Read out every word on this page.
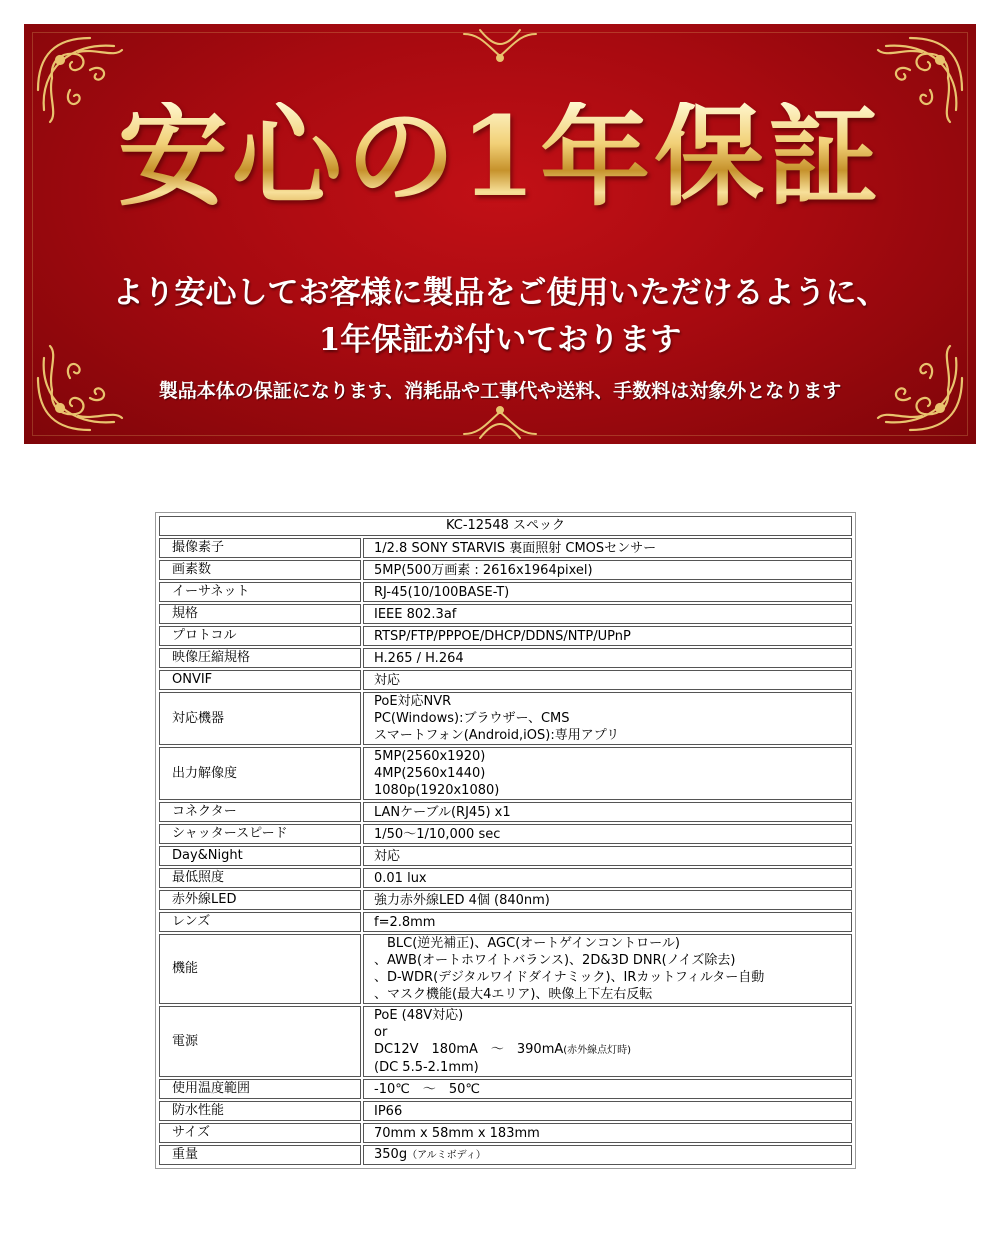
安心の1年保証
より安心してお客様に製品をご使用いただけるように、
1年保証が付いております
製品本体の保証になります、消耗品や工事代や送料、手数料は対象外となります
KC-12548 スペック	
撮像素子	1/2.8 SONY STARVIS 裏面照射 CMOSセンサー

画素数	5MP(500万画素 : 2616x1964pixel)

イーサネット	RJ-45(10/100BASE-T)

規格	IEEE 802.3af

プロトコル	RTSP/FTP/PPPOE/DHCP/DDNS/NTP/UPnP

映像圧縮規格	H.265 / H.264

ONVIF	対応

対応機器	PoE対応NVR
PC(Windows):ブラウザー、CMS
スマートフォン(Android,iOS):専用アプリ

出力解像度	5MP(2560x1920)
4MP(2560x1440)
1080p(1920x1080)

コネクター	LANケーブル(RJ45) x1

シャッタースピード	1/50～1/10,000 sec

Day&Night	対応

最低照度	0.01 lux

赤外線LED	強力赤外線LED 4個 (840nm)

レンズ	f=2.8mm

機能	　BLC(逆光補正)、AGC(オートゲインコントロール)
、AWB(オートホワイトバランス)、2D&3D DNR(ノイズ除去)
、D-WDR(デジタルワイドダイナミック)、IRカットフィルター自動
、マスク機能(最大4エリア)、映像上下左右反転

電源	PoE (48V対応)
or
DC12V　180mA　～　390mA(赤外線点灯時)
(DC 5.5-2.1mm)

使用温度範囲	-10℃　～　50℃

防水性能	IP66

サイズ	70mm x 58mm x 183mm

重量	350g（アルミボディ）
